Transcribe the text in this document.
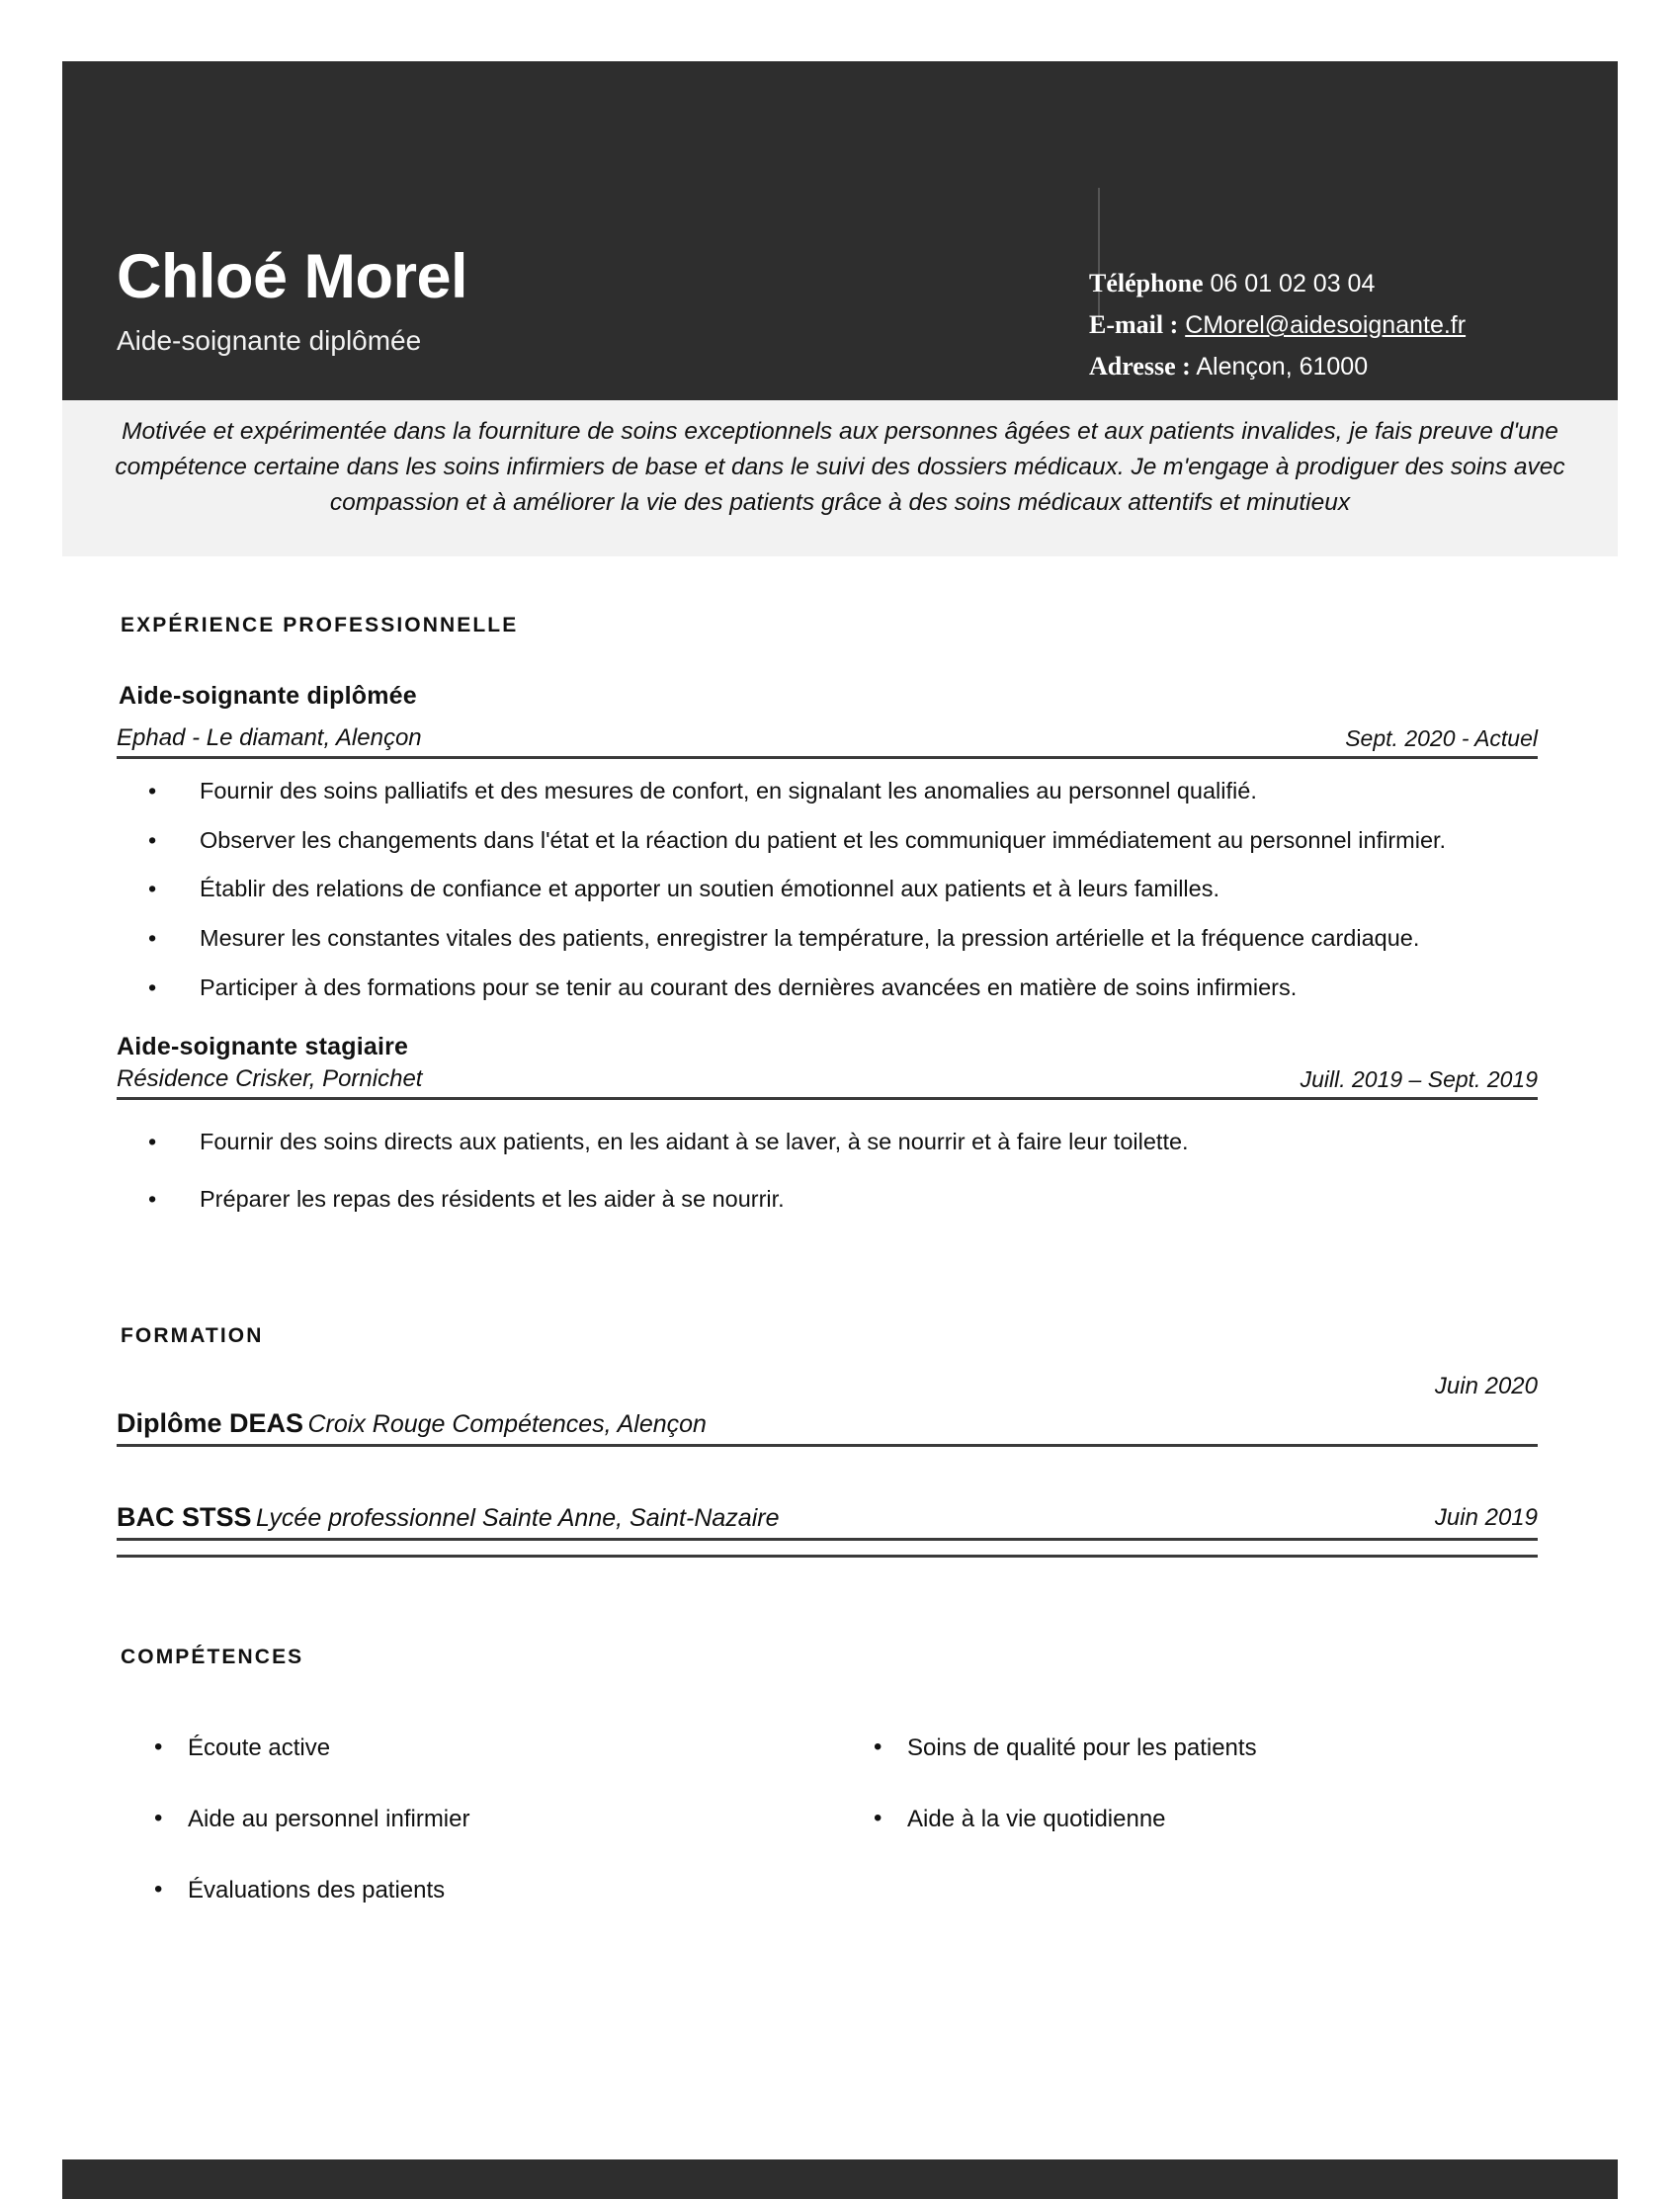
Chloé Morel
Aide-soignante diplômée
Téléphone 06 01 02 03 04
E-mail : CMorel@aidesoignante.fr
Adresse : Alençon, 61000
Motivée et expérimentée dans la fourniture de soins exceptionnels aux personnes âgées et aux patients invalides, je fais preuve d'une compétence certaine dans les soins infirmiers de base et dans le suivi des dossiers médicaux. Je m'engage à prodiguer des soins avec compassion et à améliorer la vie des patients grâce à des soins médicaux attentifs et minutieux
EXPÉRIENCE PROFESSIONNELLE
Aide-soignante diplômée
Ephad - Le diamant, Alençon	Sept. 2020 - Actuel
• Fournir des soins palliatifs et des mesures de confort, en signalant les anomalies au personnel qualifié.
• Observer les changements dans l'état et la réaction du patient et les communiquer immédiatement au personnel infirmier.
• Établir des relations de confiance et apporter un soutien émotionnel aux patients et à leurs familles.
• Mesurer les constantes vitales des patients, enregistrer la température, la pression artérielle et la fréquence cardiaque.
• Participer à des formations pour se tenir au courant des dernières avancées en matière de soins infirmiers.
Aide-soignante stagiaire
Résidence Crisker, Pornichet	Juill. 2019 – Sept. 2019
• Fournir des soins directs aux patients, en les aidant à se laver, à se nourrir et à faire leur toilette.
• Préparer les repas des résidents et les aider à se nourrir.
FORMATION
Diplôme DEAS Croix Rouge Compétences, Alençon
Juin 2020
BAC STSS Lycée professionnel Sainte Anne, Saint-Nazaire	Juin 2019
COMPÉTENCES
• Écoute active
• Aide au personnel infirmier
• Évaluations des patients
• Soins de qualité pour les patients
• Aide à la vie quotidienne
